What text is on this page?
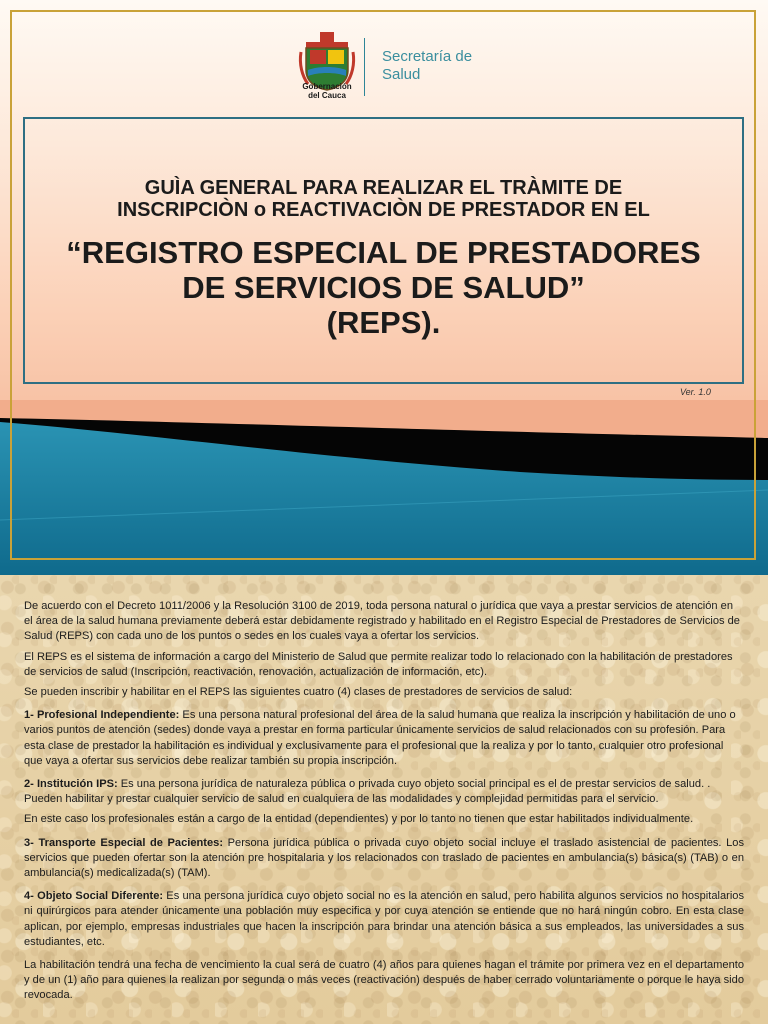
Gobernación
del Cauca
Secretaría de
Salud
GUÌA GENERAL PARA REALIZAR EL TRÀMITE DE
INSCRIPCIÒN o REACTIVACIÒN DE PRESTADOR EN EL
“REGISTRO ESPECIAL DE PRESTADORES
DE SERVICIOS DE SALUD”
(REPS).
Ver. 1.0

De acuerdo con el Decreto 1011/2006 y la Resolución 3100 de 2019, toda persona natural o jurídica que vaya a prestar servicios de atención en el área de la salud humana previamente deberá estar debidamente registrado y habilitado en el Registro Especial de Prestadores de Servicios de Salud (REPS) con cada uno de los puntos o sedes en los cuales vaya a ofertar los servicios.

El REPS es el sistema de información a cargo del Ministerio de Salud que permite realizar todo lo relacionado con la habilitación de prestadores de servicios de salud (Inscripción, reactivación, renovación, actualización de información, etc).

Se pueden inscribir y habilitar en el REPS las siguientes cuatro (4) clases de prestadores de servicios de salud:

1- Profesional Independiente: Es una persona natural profesional del área de la salud humana que realiza la inscripción y habilitación de uno o varios puntos de atención (sedes) donde vaya a prestar en forma particular únicamente servicios de salud relacionados con su profesión. Para esta clase de prestador la habilitación es individual y exclusivamente para el profesional que la realiza y por lo tanto, cualquier otro profesional que vaya a ofertar sus servicios debe realizar también su propia inscripción.

2- Institución IPS: Es una persona jurídica de naturaleza pública o privada cuyo objeto social principal es el de prestar servicios de salud. . Pueden habilitar y prestar cualquier servicio de salud en cualquiera de las modalidades y complejidad permitidas para el servicio.

En este caso los profesionales están a cargo de la entidad (dependientes) y por lo tanto no tienen que estar habilitados individualmente.

3- Transporte Especial de Pacientes: Persona jurídica pública o privada cuyo objeto social incluye el traslado asistencial de pacientes. Los servicios que pueden ofertar son la atención pre hospitalaria y los relacionados con traslado de pacientes en ambulancia(s) básica(s) (TAB) o en ambulancia(s) medicalizada(s) (TAM).

4- Objeto Social Diferente: Es una persona jurídica cuyo objeto social no es la atención en salud, pero habilita algunos servicios no hospitalarios ni quirúrgicos para atender únicamente una población muy especifica y por cuya atención se entiende que no hará ningún cobro. En esta clase aplican, por ejemplo, empresas industriales que hacen la inscripción para brindar una atención básica a sus empleados, las universidades a sus estudiantes, etc.

La habilitación tendrá una fecha de vencimiento la cual será de cuatro (4) años para quienes hagan el trámite por primera vez en el departamento y de un (1) año para quienes la realizan por segunda o más veces (reactivación) después de haber cerrado voluntariamente o porque le haya sido revocada.
